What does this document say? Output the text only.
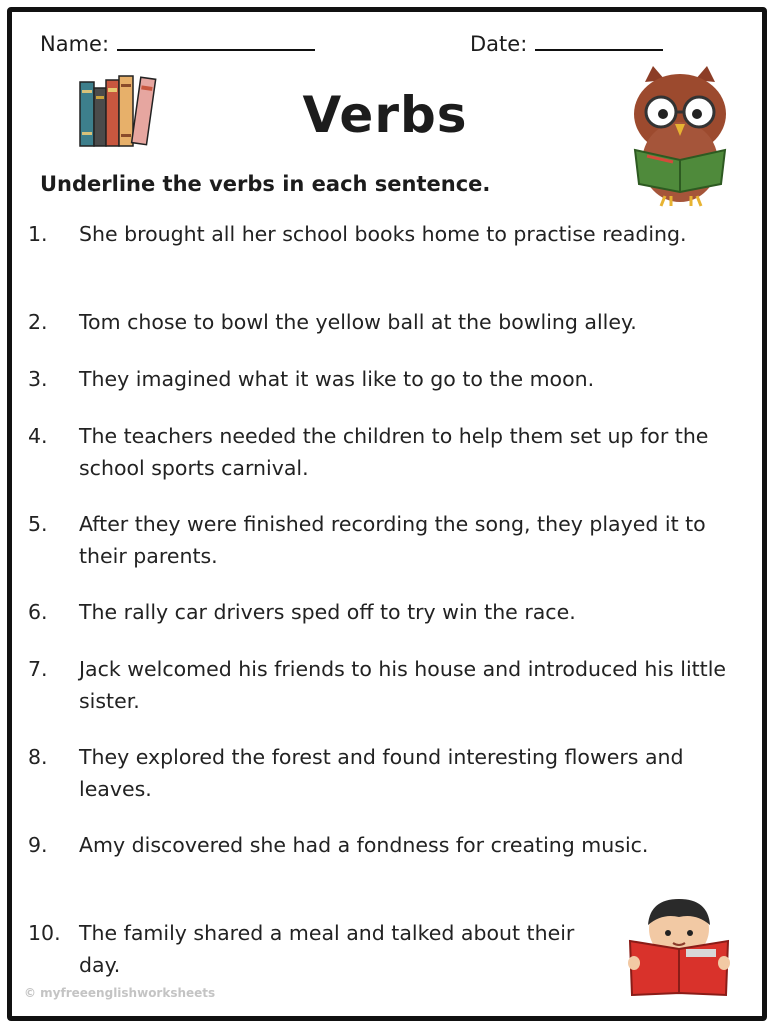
Name:	Date:
Verbs
Underline the verbs in each sentence.
1.	She brought all her school books home to practise reading.
2.	Tom chose to bowl the yellow ball at the bowling alley.
3.	They imagined what it was like to go to the moon.
4.	The teachers needed the children to help them set up for the school sports carnival.
5.	After they were finished recording the song, they played it to their parents.
6.	The rally car drivers sped off to try win the race.
7.	Jack welcomed his friends to his house and introduced his little sister.
8.	They explored the forest and found interesting flowers and leaves.
9.	Amy discovered she had a fondness for creating music.
10. The family shared a meal and talked about their day.
© myfreeenglishworksheets
